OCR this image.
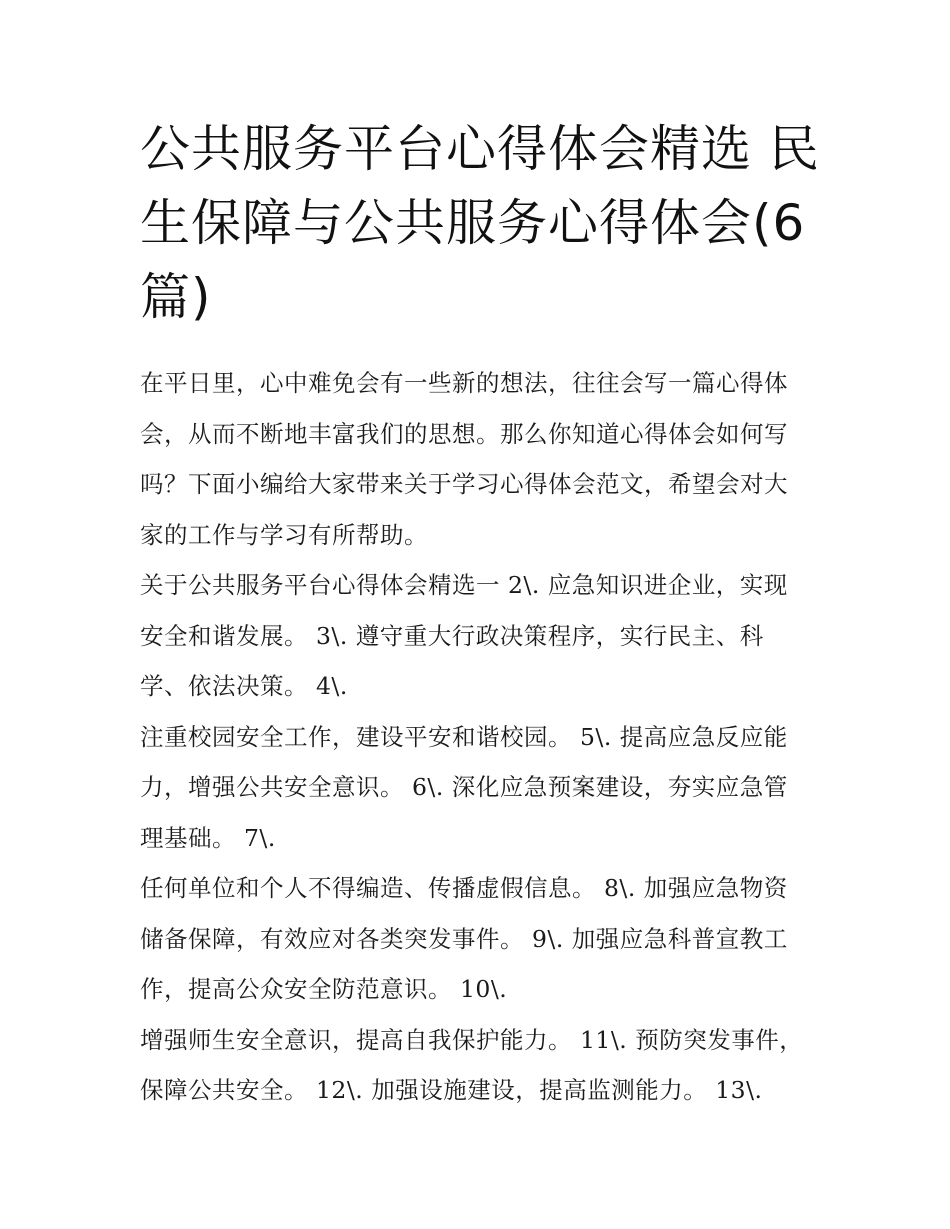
公共服务平台心得体会精选 民
生保障与公共服务心得体会(6
篇)

在平日里，心中难免会有一些新的想法，往往会写一篇心得体
会，从而不断地丰富我们的思想。那么你知道心得体会如何写
吗？下面小编给大家带来关于学习心得体会范文，希望会对大
家的工作与学习有所帮助。

关于公共服务平台心得体会精选一 2\. 应急知识进企业，实现
安全和谐发展。 3\. 遵守重大行政决策程序，实行民主、科
学、依法决策。 4\.

注重校园安全工作，建设平安和谐校园。 5\. 提高应急反应能
力，增强公共安全意识。 6\. 深化应急预案建设，夯实应急管
理基础。 7\.

任何单位和个人不得编造、传播虚假信息。 8\. 加强应急物资
储备保障，有效应对各类突发事件。 9\. 加强应急科普宣教工
作，提高公众安全防范意识。 10\.

增强师生安全意识，提高自我保护能力。 11\. 预防突发事件，
保障公共安全。 12\. 加强设施建设，提高监测能力。 13\.
